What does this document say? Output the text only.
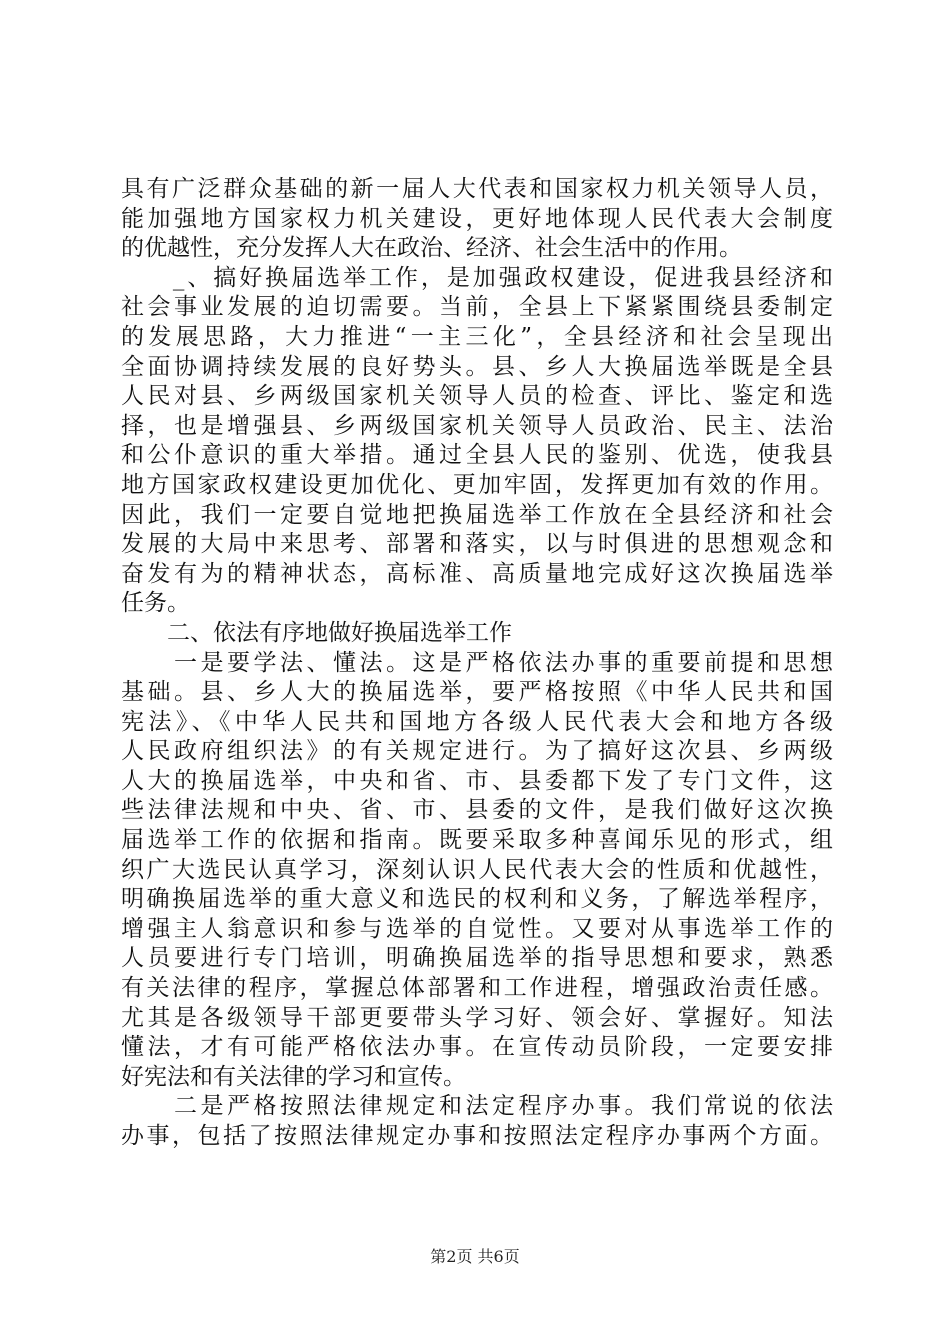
具有广泛群众基础的新一届人大代表和国家权力机关领导人员，
能加强地方国家权力机关建设，更好地体现人民代表大会制度
的优越性，充分发挥人大在政治、经济、社会生活中的作用。
　　_、搞好换届选举工作，是加强政权建设，促进我县经济和
社会事业发展的迫切需要。当前，全县上下紧紧围绕县委制定
的发展思路，大力推进“一主三化”，全县经济和社会呈现出
全面协调持续发展的良好势头。县、乡人大换届选举既是全县
人民对县、乡两级国家机关领导人员的检查、评比、鉴定和选
择，也是增强县、乡两级国家机关领导人员政治、民主、法治
和公仆意识的重大举措。通过全县人民的鉴别、优选，使我县
地方国家政权建设更加优化、更加牢固，发挥更加有效的作用。
因此，我们一定要自觉地把换届选举工作放在全县经济和社会
发展的大局中来思考、部署和落实，以与时俱进的思想观念和
奋发有为的精神状态，高标准、高质量地完成好这次换届选举
任务。
　　二、依法有序地做好换届选举工作
　　一是要学法、懂法。这是严格依法办事的重要前提和思想
基础。县、乡人大的换届选举，要严格按照《中华人民共和国
宪法》、《中华人民共和国地方各级人民代表大会和地方各级
人民政府组织法》的有关规定进行。为了搞好这次县、乡两级
人大的换届选举，中央和省、市、县委都下发了专门文件，这
些法律法规和中央、省、市、县委的文件，是我们做好这次换
届选举工作的依据和指南。既要采取多种喜闻乐见的形式，组
织广大选民认真学习，深刻认识人民代表大会的性质和优越性，
明确换届选举的重大意义和选民的权利和义务，了解选举程序，
增强主人翁意识和参与选举的自觉性。又要对从事选举工作的
人员要进行专门培训，明确换届选举的指导思想和要求，熟悉
有关法律的程序，掌握总体部署和工作进程，增强政治责任感。
尤其是各级领导干部更要带头学习好、领会好、掌握好。知法
懂法，才有可能严格依法办事。在宣传动员阶段，一定要安排
好宪法和有关法律的学习和宣传。
　　二是严格按照法律规定和法定程序办事。我们常说的依法
办事，包括了按照法律规定办事和按照法定程序办事两个方面。
第2页 共6页
